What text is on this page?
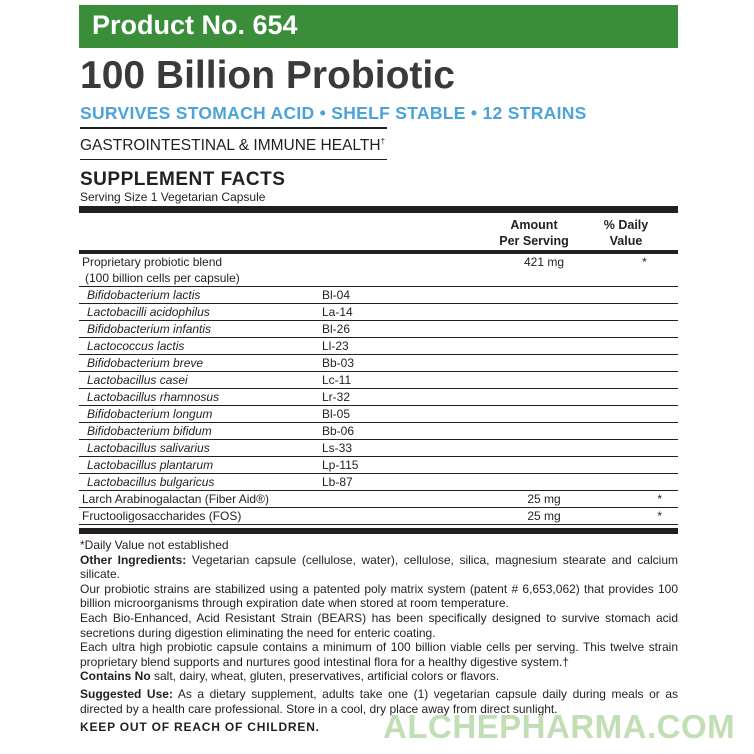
Product No. 654
100 Billion Probiotic
SURVIVES STOMACH ACID • SHELF STABLE • 12 STRAINS
GASTROINTESTINAL & IMMUNE HEALTH†
SUPPLEMENT FACTS
Serving Size 1 Vegetarian Capsule
Amount
Per Serving
% Daily
Value
Proprietary probiotic blend		421 mg	*
(100 billion cells per capsule)			
Bifidobacterium lactis	Bl-04		
Lactobacilli acidophilus	La-14		
Bifidobacterium infantis	Bl-26		
Lactococcus lactis	Ll-23		
Bifidobacterium breve	Bb-03		
Lactobacillus casei	Lc-11		
Lactobacillus rhamnosus	Lr-32		
Bifidobacterium longum	Bl-05		
Bifidobacterium bifidum	Bb-06		
Lactobacillus salivarius	Ls-33		
Lactobacillus plantarum	Lp-115		
Lactobacillus bulgaricus	Lb-87		
Larch Arabinogalactan (Fiber Aid®)		25 mg	*
Fructooligosaccharides (FOS)		25 mg	*

*Daily Value not established

Other Ingredients: Vegetarian capsule (cellulose, water), cellulose, silica, magnesium stearate and calcium silicate.

Our probiotic strains are stabilized using a patented poly matrix system (patent # 6,653,062) that provides 100 billion microorganisms through expiration date when stored at room temperature.

Each Bio-Enhanced, Acid Resistant Strain (BEARS) has been specifically designed to survive stomach acid secretions during digestion eliminating the need for enteric coating.

Each ultra high probiotic capsule contains a minimum of 100 billion viable cells per serving. This twelve strain proprietary blend supports and nurtures good intestinal flora for a healthy digestive system.†

Contains No salt, dairy, wheat, gluten, preservatives, artificial colors or flavors.

Suggested Use: As a dietary supplement, adults take one (1) vegetarian capsule daily during meals or as directed by a health care professional. Store in a cool, dry place away from direct sunlight.

KEEP OUT OF REACH OF CHILDREN.	ALCHEPHARMA.COM
